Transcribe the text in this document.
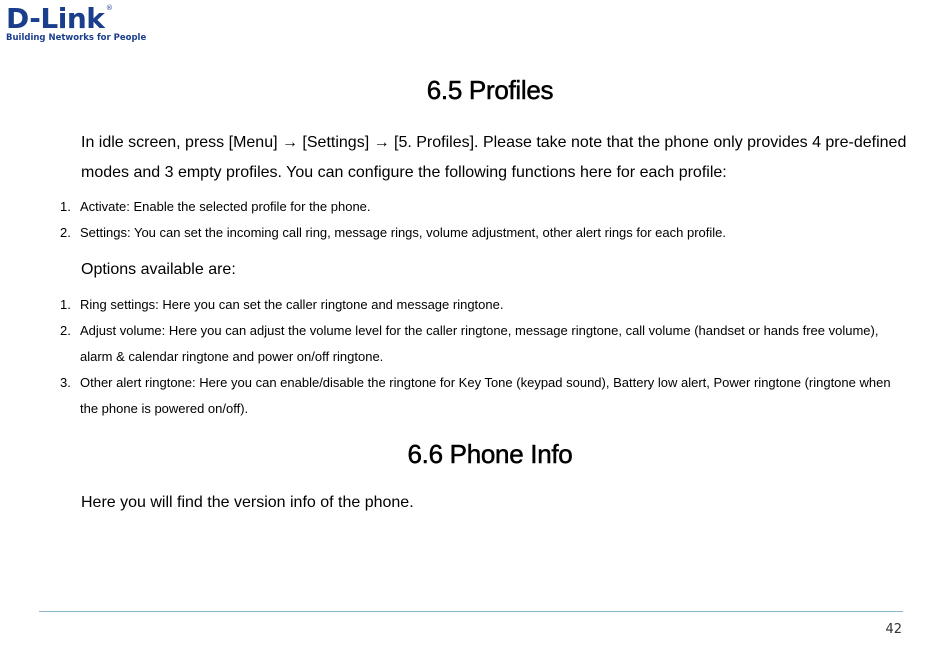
D-Link ®
Building Networks for People
6.5 Profiles

In idle screen, press [Menu] → [Settings] → [5. Profiles]. Please take note that the phone only provides 4 pre-defined modes and 3 empty profiles. You can configure the following functions here for each profile:

1. Activate: Enable the selected profile for the phone.
2. Settings: You can set the incoming call ring, message rings, volume adjustment, other alert rings for each profile.

Options available are:

1. Ring settings: Here you can set the caller ringtone and message ringtone.
2. Adjust volume: Here you can adjust the volume level for the caller ringtone, message ringtone, call volume (handset or hands free volume), alarm & calendar ringtone and power on/off ringtone.
3. Other alert ringtone: Here you can enable/disable the ringtone for Key Tone (keypad sound), Battery low alert, Power ringtone (ringtone when the phone is powered on/off).
6.6 Phone Info

Here you will find the version info of the phone.

42
